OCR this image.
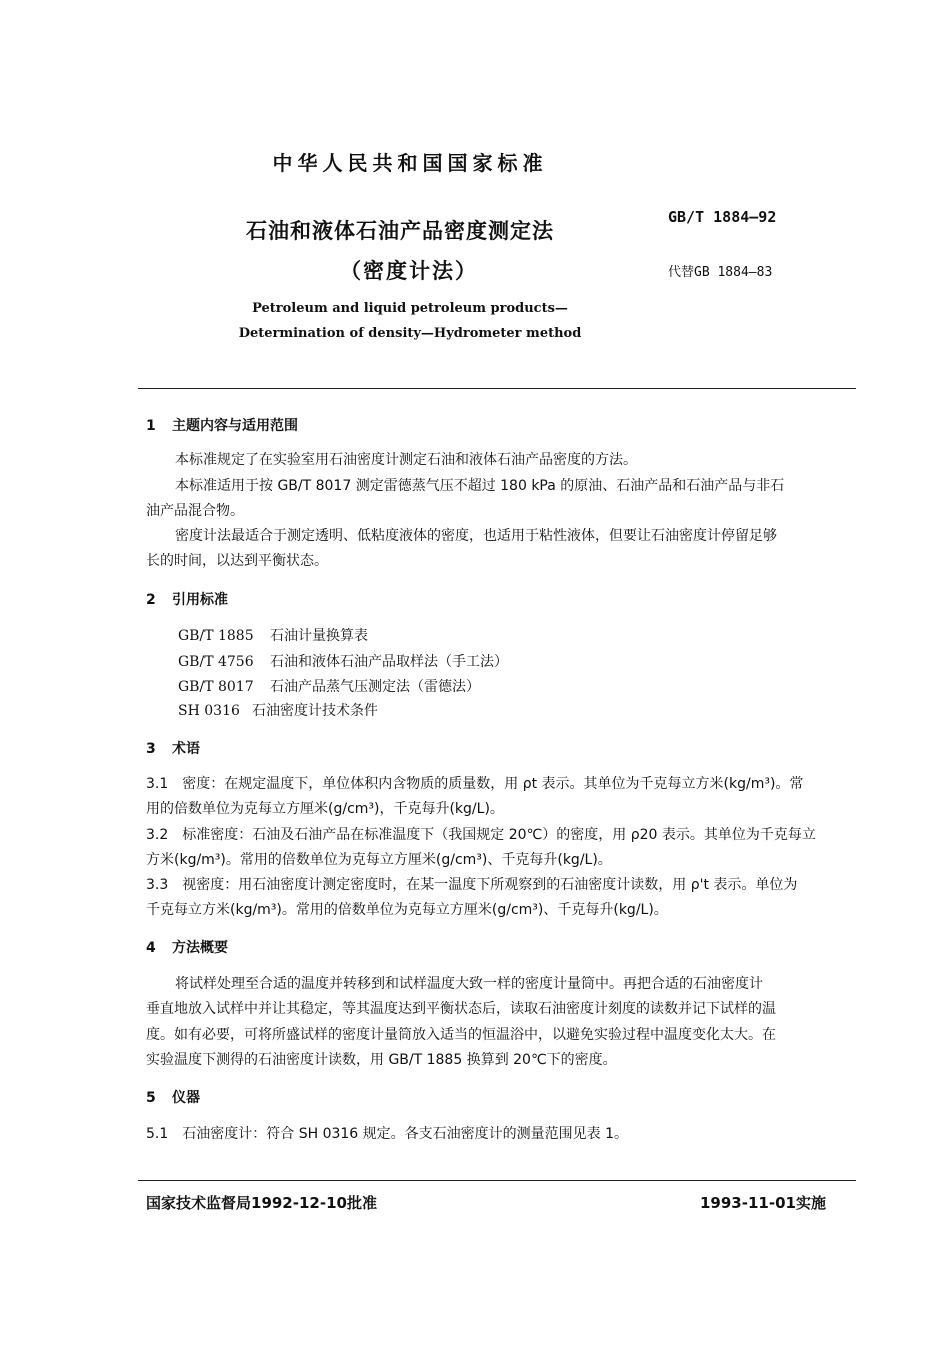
中华人民共和国国家标准
石油和液体石油产品密度测定法
（密度计法）
GB/T 1884—92
代替GB 1884—83
Petroleum and liquid petroleum products—
Determination of density—Hydrometer method
1 主题内容与适用范围
本标准规定了在实验室用石油密度计测定石油和液体石油产品密度的方法。
本标准适用于按 GB/T 8017 测定雷德蒸气压不超过 180 kPa 的原油、石油产品和石油产品与非石
油产品混合物。
密度计法最适合于测定透明、低粘度液体的密度，也适用于粘性液体，但要让石油密度计停留足够
长的时间，以达到平衡状态。
2 引用标准
GB/T 1885 石油计量换算表
GB/T 4756 石油和液体石油产品取样法（手工法）
GB/T 8017 石油产品蒸气压测定法（雷德法）
SH 0316 石油密度计技术条件
3 术语
3.1　密度：在规定温度下，单位体积内含物质的质量数，用 ρt 表示。其单位为千克每立方米(kg/m³)。常
用的倍数单位为克每立方厘米(g/cm³)，千克每升(kg/L)。
3.2　标准密度：石油及石油产品在标准温度下（我国规定 20℃）的密度，用 ρ20 表示。其单位为千克每立
方米(kg/m³)。常用的倍数单位为克每立方厘米(g/cm³)、千克每升(kg/L)。
3.3　视密度：用石油密度计测定密度时，在某一温度下所观察到的石油密度计读数，用 ρ't 表示。单位为
千克每立方米(kg/m³)。常用的倍数单位为克每立方厘米(g/cm³)、千克每升(kg/L)。
4 方法概要
将试样处理至合适的温度并转移到和试样温度大致一样的密度计量筒中。再把合适的石油密度计
垂直地放入试样中并让其稳定，等其温度达到平衡状态后，读取石油密度计刻度的读数并记下试样的温
度。如有必要，可将所盛试样的密度计量筒放入适当的恒温浴中，以避免实验过程中温度变化太大。在
实验温度下测得的石油密度计读数，用 GB/T 1885 换算到 20℃下的密度。
5 仪器
5.1　石油密度计：符合 SH 0316 规定。各支石油密度计的测量范围见表 1。
国家技术监督局1992-12-10批准	1993-11-01实施
